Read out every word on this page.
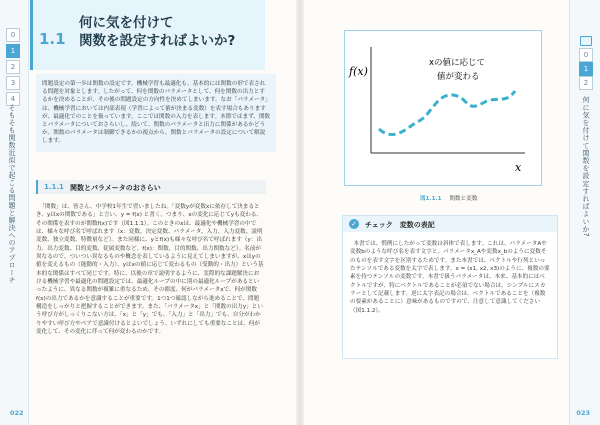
0
1
2
3
4
そもそも関数近似で起こる問題と解決へのアプローチ
1.1
何に気を付けて
関数を設定すればよいか?
問題設定の第一歩は関数の設定です。機械学習も最適化も、基本的には関数の形で表される問題を対象とします。したがって、何を関数のパラメータとして、何を関数の出力とするかを決めることが、その後の問題設定の方向性を決めてしまいます。なお「パラメータ」は、機械学習においては内部表現（学習によって値が決まる変数）を表す場合もありますが、最適化でのことを扱っています。ここでは関数の入力を表します。本節ではまず、関数とパラメータについておさらいし、続いて、関数のパラメータと出力に関係があるかどうか、関数のパラメータは制御できるかの視点から、関数とパラメータの設定について解説します。
1.1.1 関数とパラメータのおさらい

「関数」は、皆さん、中学校1年生で習いましたね。「変数yが変数xに依存して決まるとき、yはxの関数である」と言い、y = f(x) と書く。つまり、xの変化に応じてyも変わる、その関係を表すのが関数f(x)です（図1.1.1）。このときのxは、最適化や機械学習の中では、様々な呼び名で呼ばれます（x：変数、決定変数、パラメータ、入力、入力変数、説明変数、独立変数、特徴量など）。また同様に、yとf(x)も様々な呼び名で呼ばれます（y：出力、出力変数、目的変数、従属変数など、f(x)：関数、目的関数、出力関数など）。名前が異なるので、ついつい異なるものや概念を表しているように見えてしまいますが、xはyの値を変えるもの（能動的・入力）、yはxの値に応じて変わるもの（受動的・出力）という基本的な関係はすべて同じです。特に、以後の章で説明するように、実際的な課題解決における機械学習や最適化の問題設定では、最適化ループの中に別の最適化ループがあるといったように、異なる関数が複雑に重なるため、その都度、何がパラメータxで、何が関数f(x)の出力であるかを意識することが重要です。1つ1つ確認しながら進めることで、問題構造をしっかりと把握することができます。また、「パラメータx」と「関数の出力y」という呼び方がしっくりこない方は、「x」と「y」でも、「入力」と「出力」でも、自分がわかりやすい呼び方やペアで意識付けるとよいでしょう。いずれにしても重要なことは、何が変化して、その変化に伴って何が変わるのかです。

022
f(x)
x
xの値に応じて
値が変わる
図1.1.1 関数と変数
✓ チェック　変数の表記

本書では、慣例にしたがって変数は斜体で表します。これは、パラメータAや変数bのような呼び名を表す文字と、パラメータx_Aや変数x_bのように変数そのものを表す文字を区別するためです。また本書では、ベクトルや行列といったテンソルである変数を太字で表します。x = (x1, x2, x3)のように、複数の要素を持つテンソルの変数です。本書で扱うパラメータは、本来、基本的にはベクトルですが、特にベクトルであることが必須でない場合は、シンプルにスカラーとして記載します。逆に太字表記の場合は、ベクトルであることを（複数の要素があることに）意味があるものですので、注意して意識してください（図1.1.2）。

0
1
2
何に気を付けて関数を設定すればよいか?
023
